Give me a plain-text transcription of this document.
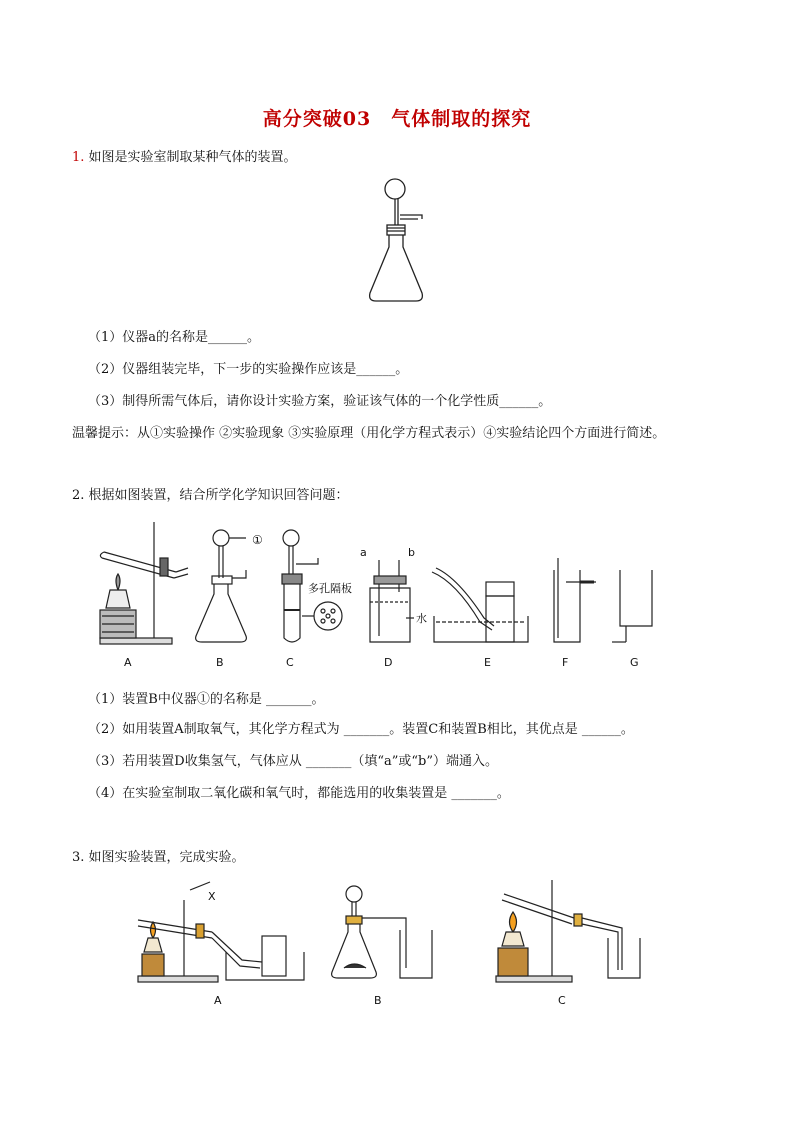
高分突破03　气体制取的探究
1. 如图是实验室制取某种气体的装置。
（1）仪器a的名称是______。
（2）仪器组装完毕，下一步的实验操作应该是______。
（3）制得所需气体后，请你设计实验方案，验证该气体的一个化学性质______。
温馨提示：从①实验操作 ②实验现象 ③实验原理（用化学方程式表示）④实验结论四个方面进行简述。
2. 根据如图装置，结合所学化学知识回答问题：
A	B	C	D	E	F	G
①
多孔隔板
a	b
水
（1）装置B中仪器①的名称是 _______。
（2）如用装置A制取氧气，其化学方程式为 _______。装置C和装置B相比，其优点是 ______。
（3）若用装置D收集氢气，气体应从 _______（填“a”或“b”）端通入。
（4）在实验室制取二氧化碳和氧气时，都能选用的收集装置是 _______。
3. 如图实验装置，完成实验。
A	B	C
X
